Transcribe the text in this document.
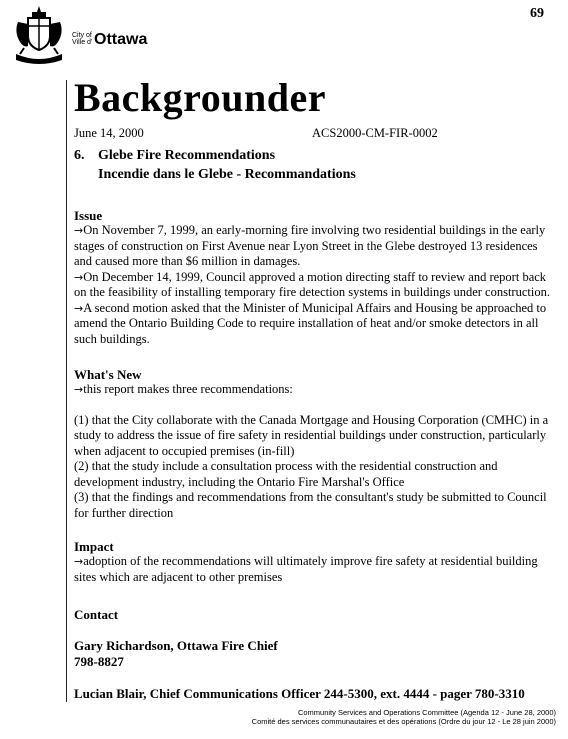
69
City of
Ville d' Ottawa
Backgrounder
June 14, 2000	ACS2000-CM-FIR-0002
6. Glebe Fire Recommendations
Incendie dans le Glebe - Recommandations
Issue
→On November 7, 1999, an early-morning fire involving two residential buildings in the early stages of construction on First Avenue near Lyon Street in the Glebe destroyed 13 residences and caused more than $6 million in damages.
→On December 14, 1999, Council approved a motion directing staff to review and report back on the feasibility of installing temporary fire detection systems in buildings under construction. →A second motion asked that the Minister of Municipal Affairs and Housing be approached to amend the Ontario Building Code to require installation of heat and/or smoke detectors in all such buildings.
What's New
→this report makes three recommendations:
(1) that the City collaborate with the Canada Mortgage and Housing Corporation (CMHC) in a study to address the issue of fire safety in residential buildings under construction, particularly when adjacent to occupied premises (in-fill)
(2) that the study include a consultation process with the residential construction and development industry, including the Ontario Fire Marshal's Office
(3) that the findings and recommendations from the consultant's study be submitted to Council for further direction
Impact
→adoption of the recommendations will ultimately improve fire safety at residential building sites which are adjacent to other premises
Contact
Gary Richardson, Ottawa Fire Chief
798-8827
Lucian Blair, Chief Communications Officer 244-5300, ext. 4444 - pager 780-3310
Community Services and Operations Committee (Agenda 12 - June 28, 2000)
Comité des services communautaires et des opérations (Ordre du jour 12 - Le 28 juin 2000)
